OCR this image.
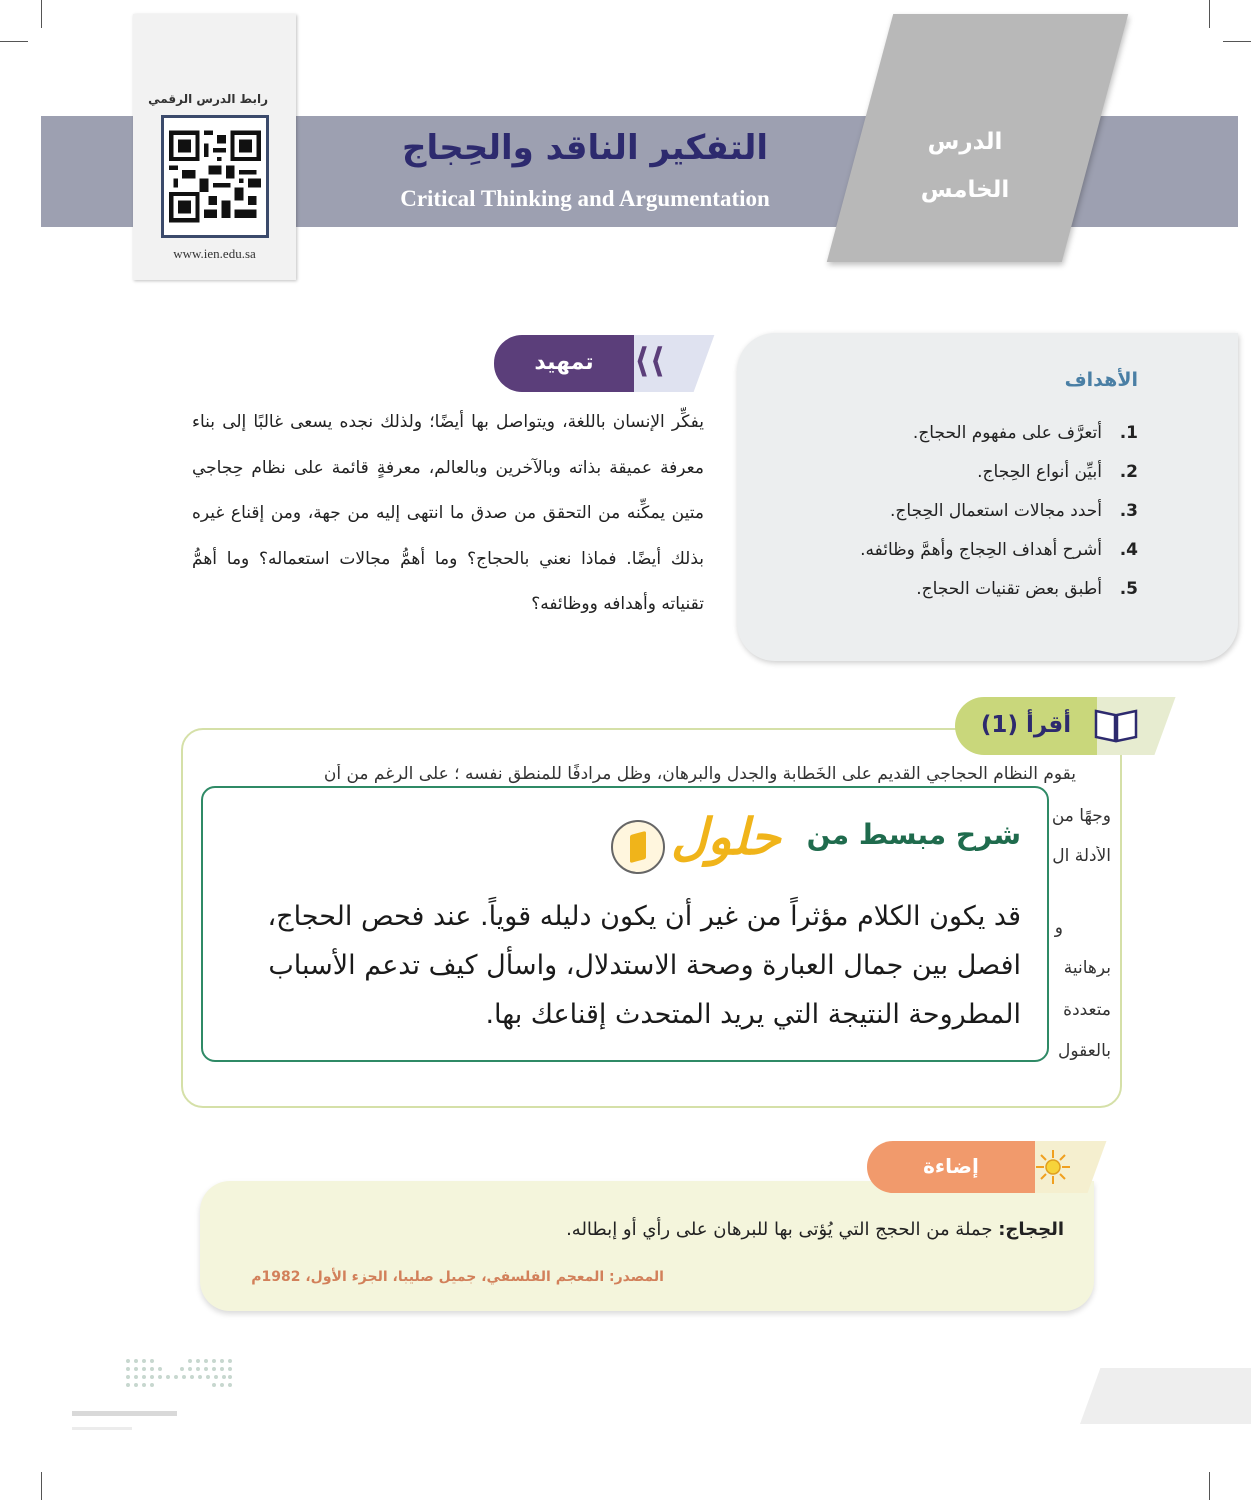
رابط الدرس الرقمي
www.ien.edu.sa
التفكير الناقد والحِجاج
Critical Thinking and Argumentation
الدرس
الخامس
الأهداف
1.أتعرَّف على مفهوم الحجاج.
2.أبيِّن أنواع الحِجاج.
3.أحدد مجالات استعمال الحِجاج.
4.أشرح أهداف الحِجاج وأهمَّ وظائفه.
5.أطبق بعض تقنيات الحجاج.
تمهيد	⟨⟨
يفكِّر الإنسان باللغة، ويتواصل بها أيضًا؛ ولذلك نجده يسعى غالبًا إلى بناء معرفة عميقة بذاته وبالآخرين وبالعالم، معرفةٍ قائمة على نظام حِجاجي متين يمكِّنه من التحقق من صدق ما انتهى إليه من جهة، ومن إقناع غيره بذلك أيضًا. فماذا نعني بالحجاج؟ وما أهمُّ مجالات استعماله؟ وما أهمُّ تقنياته وأهدافه ووظائفه؟
أقرأ (1)
يقوم النظام الحجاجي القديم على الخَطابة والجدل والبرهان، وظل مرادفًا للمنطق نفسه ؛ على الرغم من أن
وجهًا من
الأدلة ال
و
برهانية
متعددة
بالعقول
شرح مبسط من
حلول
قد يكون الكلام مؤثراً من غير أن يكون دليله قوياً. عند فحص الحجاج، افصل بين جمال العبارة وصحة الاستدلال، واسأل كيف تدعم الأسباب المطروحة النتيجة التي يريد المتحدث إقناعك بها.
الحِجاج: جملة من الحجج التي يُؤتى بها للبرهان على رأي أو إبطاله.
المصدر: المعجم الفلسفي، جميل صليبا، الجزء الأول، 1982م
إضاءة
